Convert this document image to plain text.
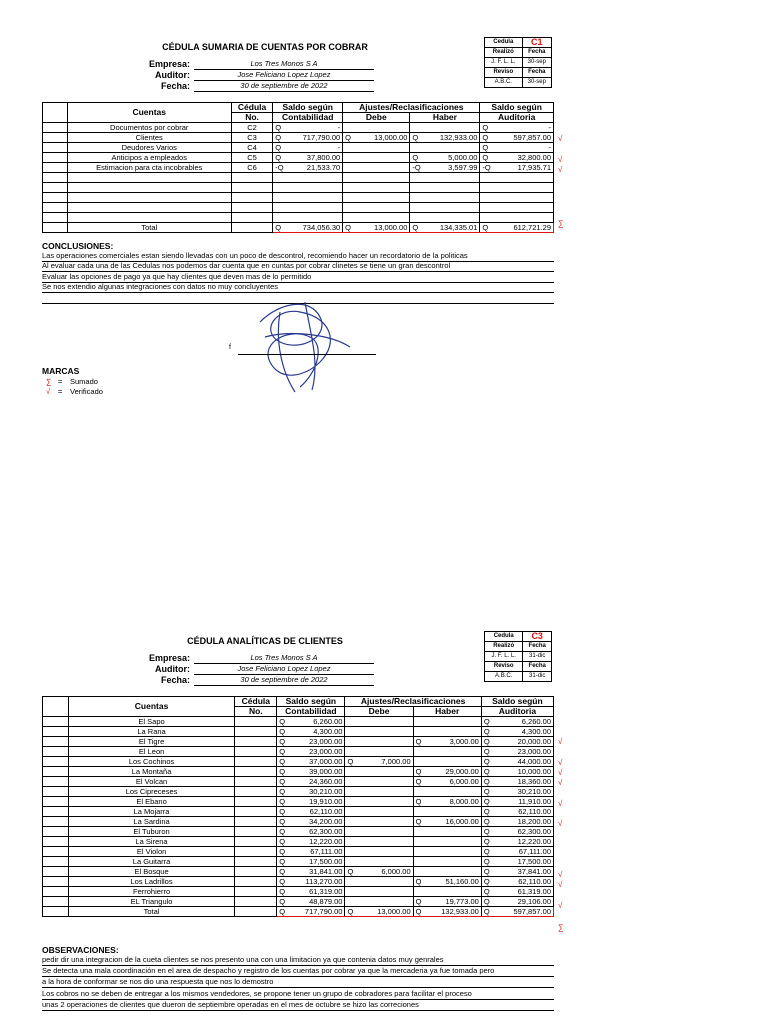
CÉDULA SUMARIA DE CUENTAS POR COBRAR
Empresa:	Los Tres Monos S A
Auditor:	Jose Feliciano Lopez Lopez
Fecha:	30 de septiembre de 2022
Cedula	C1
Realizó	Fecha
J. F. L. L.	30-sep
Reviso	Fecha
A.B.C.	30-sep
	Cuentas	Cédula	Saldo según		Ajustes/Reclasificaciones				Saldo según	
		No.	Contabilidad		Debe		Haber		Auditoria	
	Documentos por cobrar	C2	Q	-					Q	-
	Clientes	C3	Q	717,790.00	Q	13,000.00	Q	132,933.00	Q	597,857.00
	Deudores Varios	C4	Q	-					Q	-
	Anticipos a empleados	C5	Q	37,800.00			Q	5,000.00	Q	32,800.00
	Estimacion para cta incobrables	C6	-Q	21,533.70			-Q	3,597.99	-Q	17,935.71

	Total		Q	734,056.30	Q	13,000.00	Q	134,335.01	Q	612,721.29
CONCLUSIONES:
Las operaciones comerciales estan siendo llevadas con un poco de descontrol, recomiendo hacer un recordatorio de la politicas
Al evaluar cada una de las Cedulas nos podemos dar cuenta que en cuntas por cobrar clinetes se tiene un gran descontrol
Evaluar las opciones de pago ya que hay clientes que deven mas de lo permitido
Se nos extendio algunas integraciones con datos no muy concluyentes
f
MARCAS
∑ = Sumado
√ = Verificado
CÉDULA ANALÍTICAS DE CLIENTES
Empresa:	Los Tres Monos S A
Auditor:	Jose Feliciano Lopez Lopez
Fecha:	30 de septiembre de 2022
Cedula	C3
Realizó	Fecha
J. F. L. L.	31-dic
Reviso	Fecha
A.B.C.	31-dic
	Cuentas	Cédula	Saldo según		Ajustes/Reclasificaciones				Saldo según	
		No.	Contabilidad		Debe		Haber		Auditoria	
	El Sapo		Q	6,260.00					Q	6,260.00
	La Rana		Q	4,300.00					Q	4,300.00
	El Tigre		Q	23,000.00			Q	3,000.00	Q	20,000.00
	El Leon		Q	23,000.00					Q	23,000.00
	Los Cochinos		Q	37,000.00	Q	7,000.00			Q	44,000.00
	La Montaña		Q	39,000.00			Q	29,000.00	Q	10,000.00
	El Volcan		Q	24,360.00			Q	6,000.00	Q	18,360.00
	Los Cipreceses		Q	30,210.00					Q	30,210.00
	El Ebano		Q	19,910.00			Q	8,000.00	Q	11,910.00
	La Mojarra		Q	62,110.00					Q	62,110.00
	La Sardina		Q	34,200.00			Q	16,000.00	Q	18,200.00
	El Tuburon		Q	62,300.00					Q	62,300.00
	La Sirena		Q	12,220.00					Q	12,220.00
	El Violon		Q	67,111.00					Q	67,111.00
	La Guitarra		Q	17,500.00					Q	17,500.00
	El Bosque		Q	31,841.00	Q	6,000.00			Q	37,841.00
	Los Ladrillos		Q	113,270.00			Q	51,160.00	Q	62,110.00
	Ferrohierro		Q	61,319.00					Q	61,319.00
	EL Triangulo		Q	48,879.00			Q	19,773.00	Q	29,106.00
	Total		Q	717,790.00	Q	13,000.00	Q	132,933.00	Q	597,857.00
OBSERVACIONES:
pedir dir una integracion de la cueta clientes se nos presento una con una limitacion ya que contenia datos muy genrales
Se detecta una mala coordinación en el area de despacho y registro de los cuentas por cobrar ya que la mercaderia ya fue tomada pero
a la hora de conformar se nos dio una respuesta que nos lo demostro
Los cobros no se deben de entregar a los mismos vendedores, se propone tener un grupo de cobradores para facilitar el proceso
unas 2 operaciones de clientes que dueron de septiembre operadas en el mes de octubre se hizo las correciones
√
√
√
∑
√
√
√
√
√
√
√
√
√
∑
